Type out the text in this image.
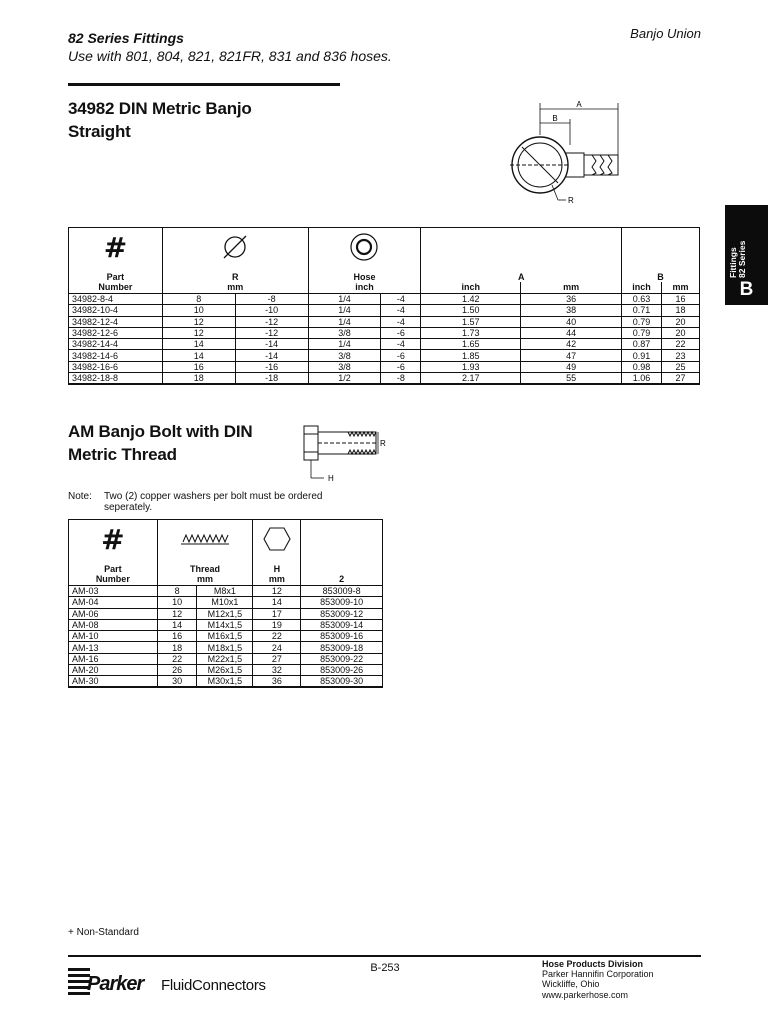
82 Series Fittings
Use with 801, 804, 821, 821FR, 831 and 836 hoses.
Banjo Union
Fittings 82 Series
B
34982 DIN Metric Banjo Straight
A
B
R
#				
Part	R		Hose		A		B	
Number	mm		inch		inch	mm	inch	mm
34982-8-4	8	-8	1/4	-4	1.42	36	0.63	16
34982-10-4	10	-10	1/4	-4	1.50	38	0.71	18
34982-12-4	12	-12	1/4	-4	1.57	40	0.79	20
34982-12-6	12	-12	3/8	-6	1.73	44	0.79	20
34982-14-4	14	-14	1/4	-4	1.65	42	0.87	22
34982-14-6	14	-14	3/8	-6	1.85	47	0.91	23
34982-16-6	16	-16	3/8	-6	1.93	49	0.98	25
34982-18-8	18	-18	1/2	-8	2.17	55	1.06	27
AM Banjo Bolt with DIN Metric Thread
R
H
Note: Two (2) copper washers per bolt must be ordered seperately.
#			
Part	Thread		H	
Number	mm		mm	2
AM-03	8	M8x1	12	853009-8
AM-04	10	M10x1	14	853009-10
AM-06	12	M12x1,5	17	853009-12
AM-08	14	M14x1,5	19	853009-14
AM-10	16	M16x1,5	22	853009-16
AM-13	18	M18x1,5	24	853009-18
AM-16	22	M22x1,5	27	853009-22
AM-20	26	M26x1,5	32	853009-26
AM-30	30	M30x1,5	36	853009-30
+ Non-Standard
Parker FluidConnectors
B-253	Hose Products Division
Parker Hannifin Corporation
Wickliffe, Ohio
www.parkerhose.com
